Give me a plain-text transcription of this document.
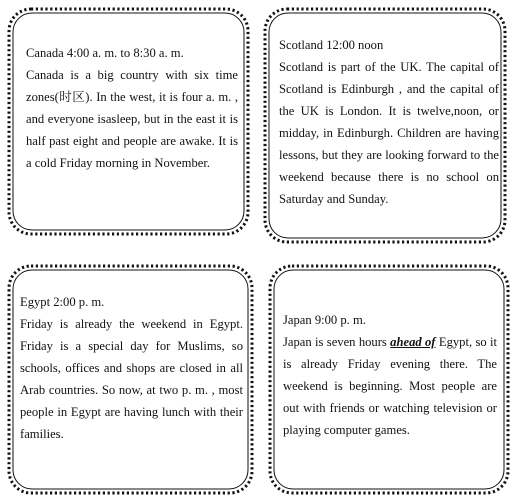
Canada 4:00 a. m. to 8:30 a. m.

Canada is a big country with six time zones(时区). In the west, it is four a. m. , and everyone isasleep, but in the east it is half past eight and people are awake. It is a cold Friday morning in November.

Scotland 12:00 noon

Scotland is part of the UK. The capital of Scotland is Edinburgh , and the capital of the UK is London. It is twelve,noon, or midday, in Edinburgh. Children are having lessons, but they are looking forward to the weekend because there is no school on Saturday and Sunday.

Egypt 2:00 p. m.

Friday is already the weekend in Egypt. Friday is a special day for Muslims, so schools, offices and shops are closed in all Arab countries. So now, at two p. m. , most people in Egypt are having lunch with their families.

Japan 9:00 p. m.

Japan is seven hours ahead of Egypt, so it is already Friday evening there. The weekend is beginning. Most people are out with friends or watching television or playing computer games.
